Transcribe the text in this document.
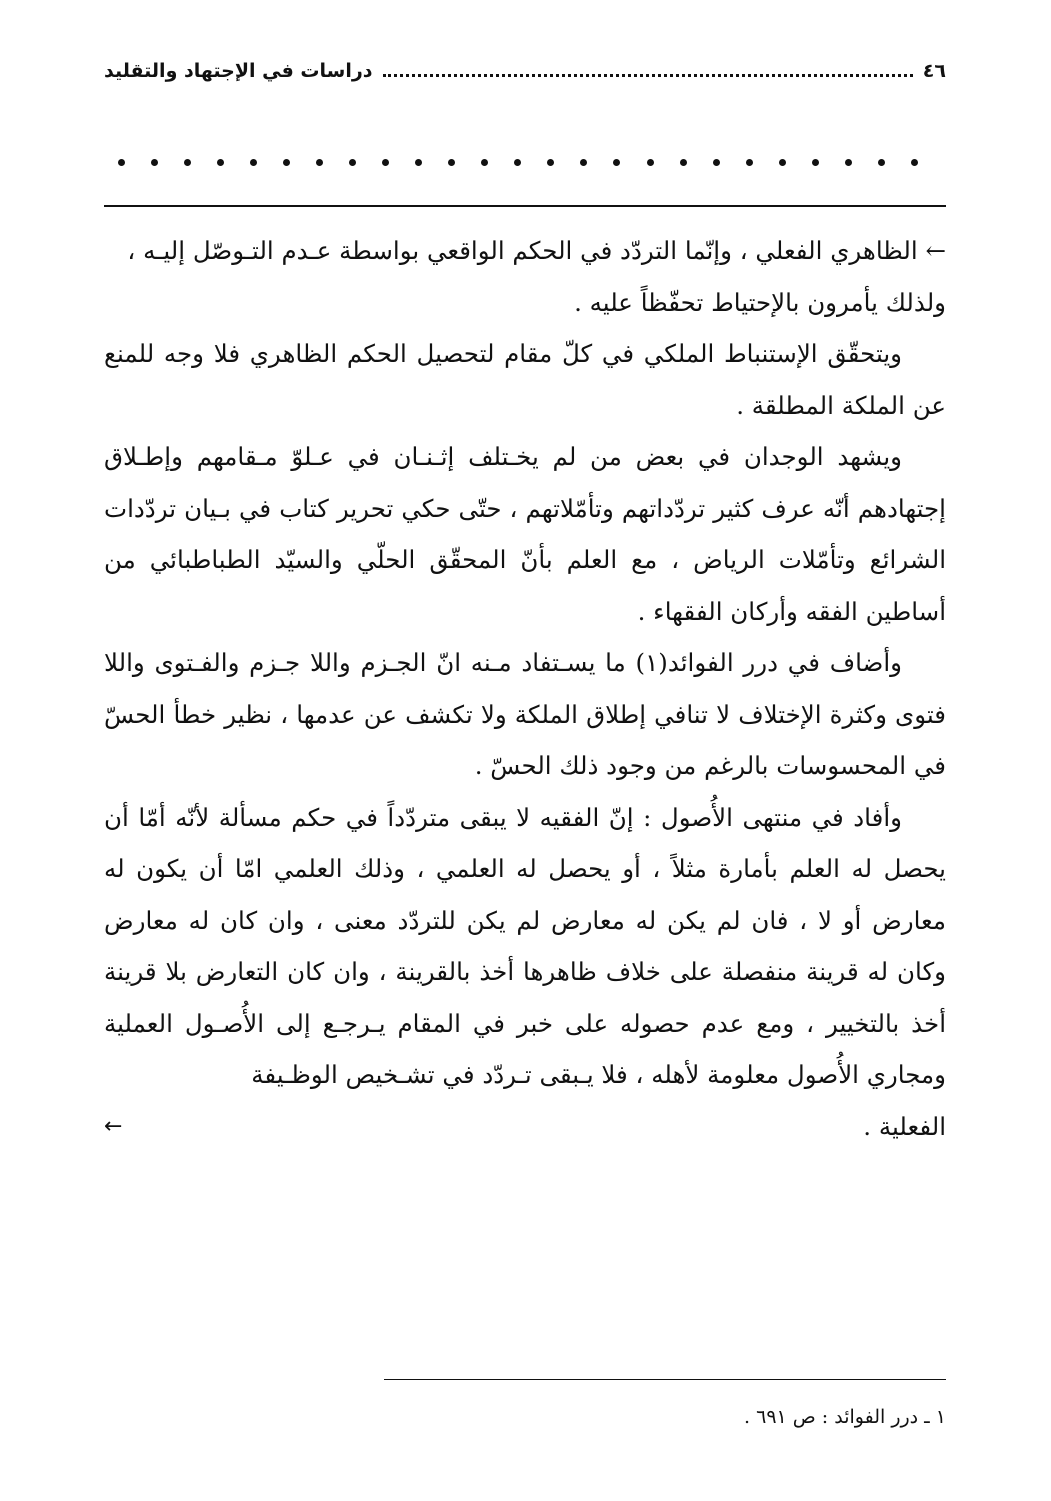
٤٦
دراسات في الإجتهاد والتقليد

← الظاهري الفعلي ، وإنّما التردّد في الحكم الواقعي بواسطة عـدم التـوصّل إليـه ،
ولذلك يأمرون بالإحتياط تحفّظاً عليه .

ويتحقّق الإستنباط الملكي في كلّ مقام لتحصيل الحكم الظاهري فلا وجه للمنع عن الملكة المطلقة .

ويشهد الوجدان في بعض من لم يخـتلف إثـنـان في عـلوّ مـقامهم وإطـلاق إجتهادهم أنّه عرف كثير تردّداتهم وتأمّلاتهم ، حتّى حكي تحرير كتاب في بـيان تردّدات الشرائع وتأمّلات الرياض ، مع العلم بأنّ المحقّق الحلّي والسيّد الطباطبائي من أساطين الفقه وأركان الفقهاء .

وأضاف في درر الفوائد(١) ما يسـتفاد مـنه انّ الجـزم واللا جـزم والفـتوى واللا فتوى وكثرة الإختلاف لا تنافي إطلاق الملكة ولا تكشف عن عدمها ، نظير خطأ الحسّ في المحسوسات بالرغم من وجود ذلك الحسّ .

وأفاد في منتهى الأُصول : إنّ الفقيه لا يبقى متردّداً في حكم مسألة لأنّه أمّا أن يحصل له العلم بأمارة مثلاً ، أو يحصل له العلمي ، وذلك العلمي امّا أن يكون له معارض أو لا ، فان لم يكن له معارض لم يكن للتردّد معنى ، وان كان له معارض وكان له قرينة منفصلة على خلاف ظاهرها أخذ بالقرينة ، وان كان التعارض بلا قرينة أخذ بالتخيير ، ومع عدم حصوله على خبر في المقام يـرجـع إلى الأُصـول العملية ومجاري الأُصول معلومة لأهله ، فلا يـبقى تـردّد في تشـخيص الوظـيفة

الفعلية .
←

١ ـ درر الفوائد : ص ٦٩١ .
